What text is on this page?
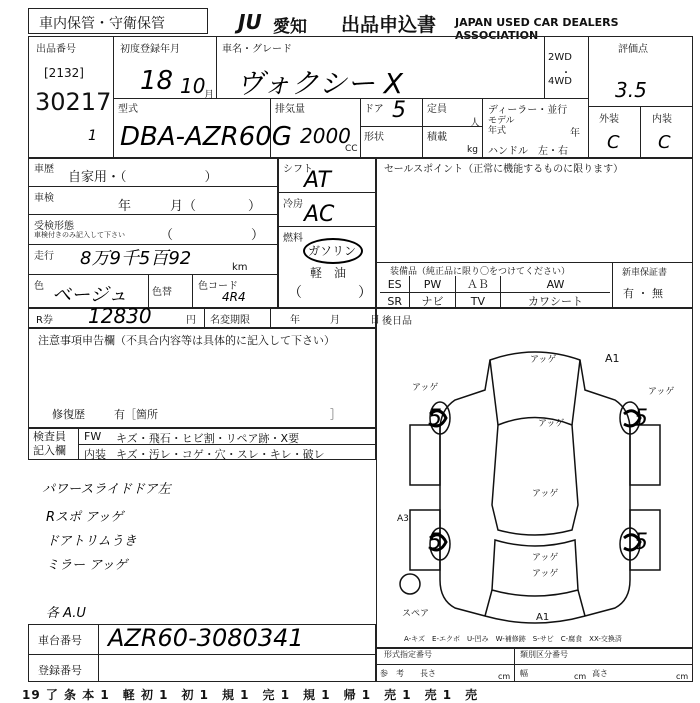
車内保管・守衛保管	JU 愛知 出品申込書 JAPAN USED CAR DEALERS ASSOCIATION
出品番号
[2132]
30217
1
初度登録年月
18 10
月
車名・グレード
ヴォクシー X
2WD
・
4WD
評価点
3.5
外装	内装
C C
型式
DBA-AZR60G
排気量
2000
CC
ドア 5
形状
定員
人
積載
kg
ディーラー・並行
モデル
年式	年
ハンドル　左・右
車歴
自家用・（　　　　　　）
車検
年　　　月（　　　　）
受検形態
車検付きのみ記入して下さい	（　　　　　　）
走行 8万9千5百92	km
色 ベージュ 色替
色コード
4R4
シフト
AT
冷房 AC
燃料
ガソリン
軽　油
（　　　　）
セールスポイント（正常に機能するものに限ります）
装備品（純正品に限り〇をつけてください）
ES	PW	ＡＢ	AW
SR	ナビ	TV	カワシート
新車保証書
有 ・ 無
R券 12830	円 名変期限	年　　　月　　　日
注意事項申告欄（不具合内容等は具体的に記入して下さい）
修復歴	有［箇所	］
検査員
記入欄
FW キズ・飛石・ヒビ割・リペア跡・X要
内装 キズ・汚レ・コゲ・穴・スレ・キレ・破レ
パワースライドドア左
Rスポ アッゲ
ドアトリムうき
ミラー アッゲ
各 A.U
後日品
アッゲ	A1
アッゲ	アッゲ
5	5
アッゲ
アッゲ
A3
5	5
アッゲ
アッゲ
スペア	A1
A-キズ　E-エクボ　U-凹み　W-補修跡　S-サビ　C-腐食　XX-交換済
車台番号 AZR60-3080341
登録番号
形式指定番号	類別区分番号
参　考 長さ	cm 幅	cm 高さ	cm
19 了 条 本 1　軽 初 1　初 1　規 1　完 1　規 1　帰 1　売 1　売 1　売
